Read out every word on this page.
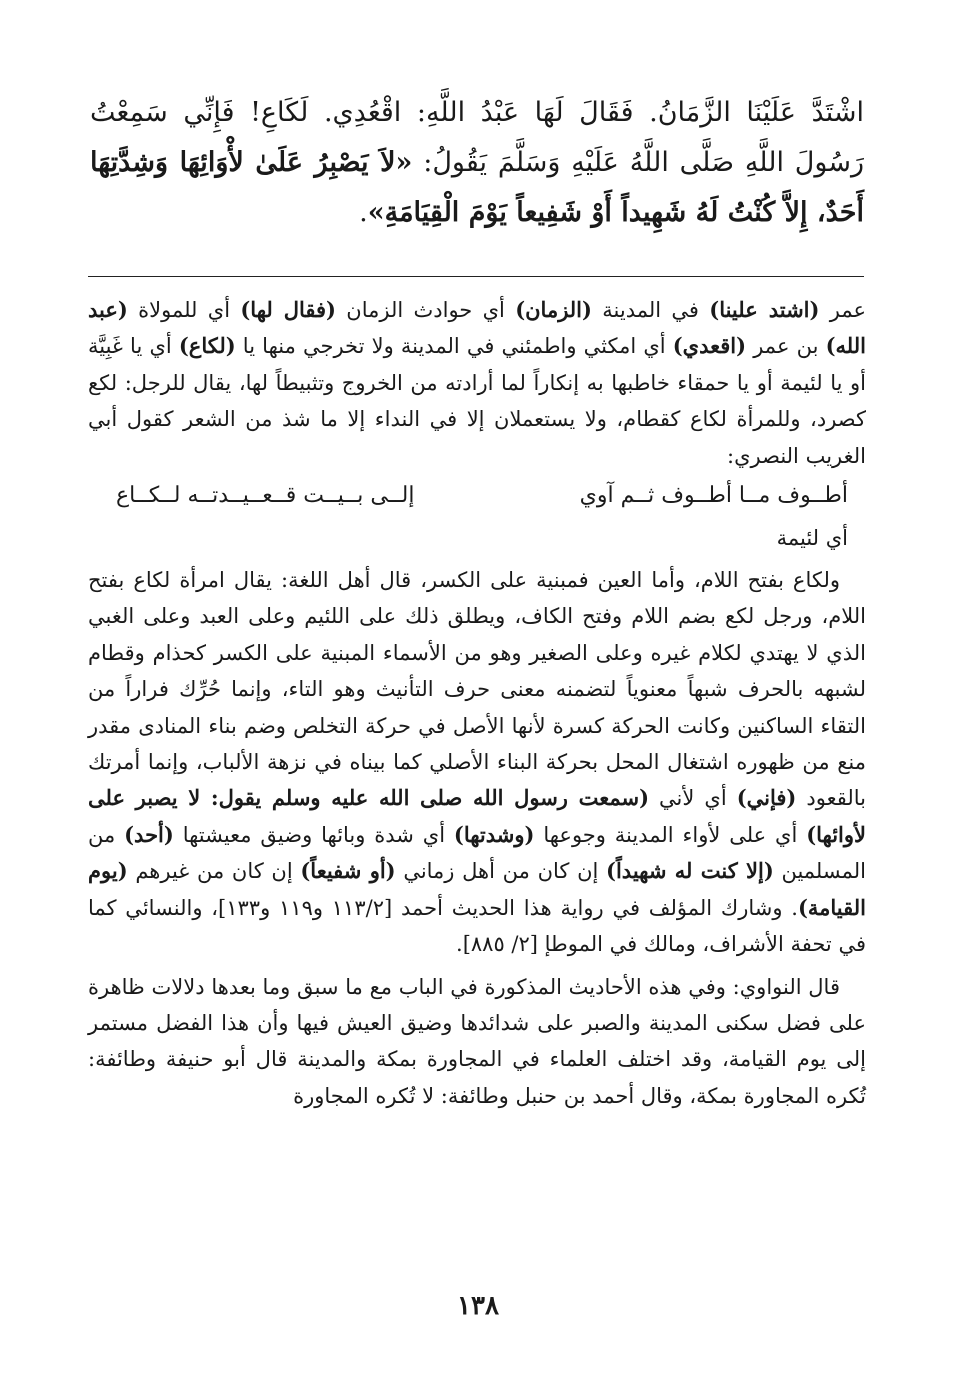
اشْتَدَّ عَلَيْنَا الزَّمَانُ. فَقَالَ لَهَا عَبْدُ اللَّهِ: اقْعُدِي. لَكَاعِ! فَإِنِّي سَمِعْتُ رَسُولَ اللَّهِ صَلَّى اللَّهُ عَلَيْهِ وَسَلَّمَ يَقُولُ: «لاَ يَصْبِرُ عَلَىٰ لأْوَائِهَا وَشِدَّتِهَا أَحَدٌ، إِلاَّ كُنْتُ لَهُ شَهِيداً أَوْ شَفِيعاً يَوْمَ الْقِيَامَةِ».

عمر (اشتد علينا) في المدينة (الزمان) أي حوادث الزمان (فقال لها) أي للمولاة (عبد الله) بن عمر (اقعدي) أي امكثي واطمئني في المدينة ولا تخرجي منها يا (لكاع) أي يا غَبِيَّة أو يا لئيمة أو يا حمقاء خاطبها به إنكاراً لما أرادته من الخروج وتثبيطاً لها، يقال للرجل: لكع كصرد، وللمرأة لكاع كقطام، ولا يستعملان إلا في النداء إلا ما شذ من الشعر كقول أبي الغريب النصري:

أطــوف مــا أطــوف ثــم آوي
إلــى بــيــت قــعــيــدتــه لــكــاع
أي لئيمة

ولكاع بفتح اللام، وأما العين فمبنية على الكسر، قال أهل اللغة: يقال امرأة لكاع بفتح اللام، ورجل لكع بضم اللام وفتح الكاف، ويطلق ذلك على اللئيم وعلى العبد وعلى الغبي الذي لا يهتدي لكلام غيره وعلى الصغير وهو من الأسماء المبنية على الكسر كحذام وقطام لشبهه بالحرف شبهاً معنوياً لتضمنه معنى حرف التأنيث وهو التاء، وإنما حُرِّك فراراً من التقاء الساكنين وكانت الحركة كسرة لأنها الأصل في حركة التخلص وضم بناء المنادى مقدر منع من ظهوره اشتغال المحل بحركة البناء الأصلي كما بيناه في نزهة الألباب، وإنما أمرتك بالقعود (فإني) أي لأني (سمعت رسول الله صلى الله عليه وسلم يقول: لا يصبر على لأوائها) أي على لأواء المدينة وجوعها (وشدتها) أي شدة وبائها وضيق معيشتها (أحد) من المسلمين (إلا كنت له شهيداً) إن كان من أهل زماني (أو شفيعاً) إن كان من غيرهم (يوم القيامة). وشارك المؤلف في رواية هذا الحديث أحمد [١١٣/٢ و١١٩ و١٣٣]، والنسائي كما في تحفة الأشراف، ومالك في الموطإ [٢/ ٨٨٥].

قال النواوي: وفي هذه الأحاديث المذكورة في الباب مع ما سبق وما بعدها دلالات ظاهرة على فضل سكنى المدينة والصبر على شدائدها وضيق العيش فيها وأن هذا الفضل مستمر إلى يوم القيامة، وقد اختلف العلماء في المجاورة بمكة والمدينة قال أبو حنيفة وطائفة: تُكره المجاورة بمكة، وقال أحمد بن حنبل وطائفة: لا تُكره المجاورة

١٣٨
